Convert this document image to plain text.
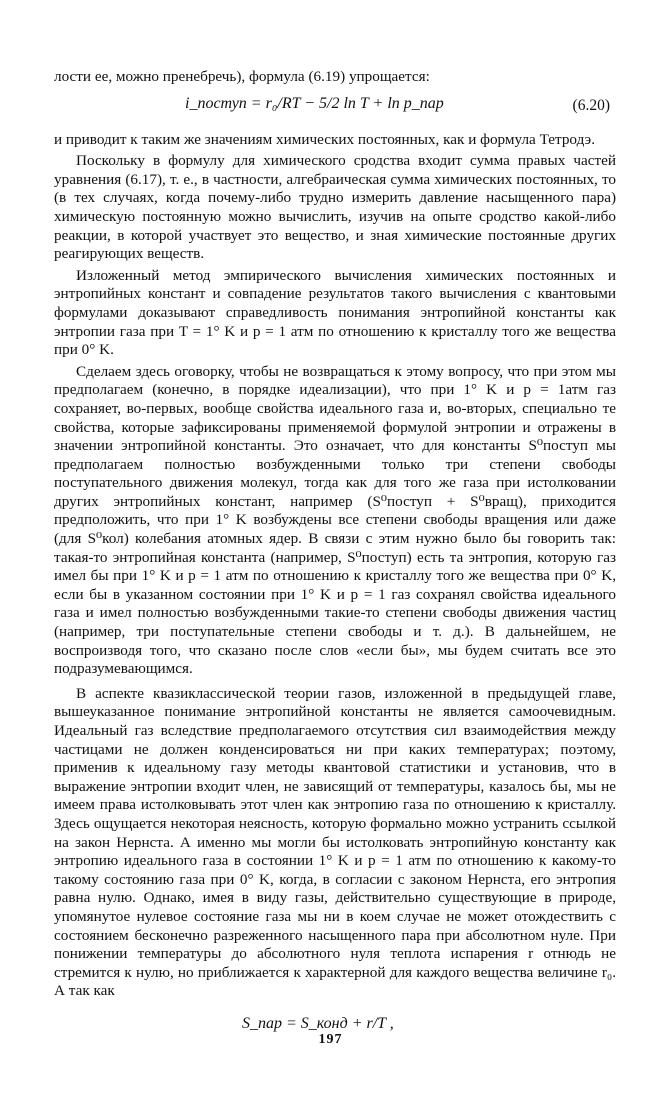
лости ее, можно пренебречь), формула (6.19) упрощается:

i_поступ = r₀/RT − 5/2 ln T + ln p_пар	(6.20)

и приводит к таким же значениям химических постоянных, как и формула Тетродэ.

Поскольку в формулу для химического сродства входит сумма правых частей уравнения (6.17), т. е., в частности, алгебраическая сумма химических постоянных, то (в тех случаях, когда почему-либо трудно измерить давление насыщенного пара) химическую постоянную можно вычислить, изучив на опыте сродство какой-либо реакции, в которой участвует это вещество, и зная химические постоянные других реагирующих веществ.

Изложенный метод эмпирического вычисления химических постоянных и энтропийных констант и совпадение результатов такого вычисления с квантовыми формулами доказывают справедливость понимания энтропийной константы как энтропии газа при T = 1° K и p = 1 атм по отношению к кристаллу того же вещества при 0° K.

Сделаем здесь оговорку, чтобы не возвращаться к этому вопросу, что при этом мы предполагаем (конечно, в порядке идеализации), что при 1° K и p = 1атм газ сохраняет, во-первых, вообще свойства идеального газа и, во-вторых, специально те свойства, которые зафиксированы применяемой формулой энтропии и отражены в значении энтропийной константы. Это означает, что для константы S⁰поступ мы предполагаем полностью возбужденными только три степени свободы поступательного движения молекул, тогда как для того же газа при истолковании других энтропийных констант, например (S⁰поступ + S⁰вращ), приходится предположить, что при 1° K возбуждены все степени свободы вращения или даже (для S⁰кол) колебания атомных ядер. В связи с этим нужно было бы говорить так: такая-то энтропийная константа (например, S⁰поступ) есть та энтропия, которую газ имел бы при 1° K и p = 1 атм по отношению к кристаллу того же вещества при 0° K, если бы в указанном состоянии при 1° K и p = 1 газ сохранял свойства идеального газа и имел полностью возбужденными такие-то степени свободы движения частиц (например, три поступательные степени свободы и т. д.). В дальнейшем, не воспроизводя того, что сказано после слов «если бы», мы будем считать все это подразумевающимся.

В аспекте квазиклассической теории газов, изложенной в предыдущей главе, вышеуказанное понимание энтропийной константы не является самоочевидным. Идеальный газ вследствие предполагаемого отсутствия сил взаимодействия между частицами не должен конденсироваться ни при каких температурах; поэтому, применив к идеальному газу методы квантовой статистики и установив, что в выражение энтропии входит член, не зависящий от температуры, казалось бы, мы не имеем права истолковывать этот член как энтропию газа по отношению к кристаллу. Здесь ощущается некоторая неясность, которую формально можно устранить ссылкой на закон Нернста. А именно мы могли бы истолковать энтропийную константу как энтропию идеального газа в состоянии 1° K и p = 1 атм по отношению к какому-то такому состоянию газа при 0° K, когда, в согласии с законом Нернста, его энтропия равна нулю. Однако, имея в виду газы, действительно существующие в природе, упомянутое нулевое состояние газа мы ни в коем случае не может отождествить с состоянием бесконечно разреженного насыщенного пара при абсолютном нуле. При понижении температуры до абсолютного нуля теплота испарения r отнюдь не стремится к нулю, но приближается к характерной для каждого вещества величине r₀. А так как

S_пар = S_конд + r/T ,
197
